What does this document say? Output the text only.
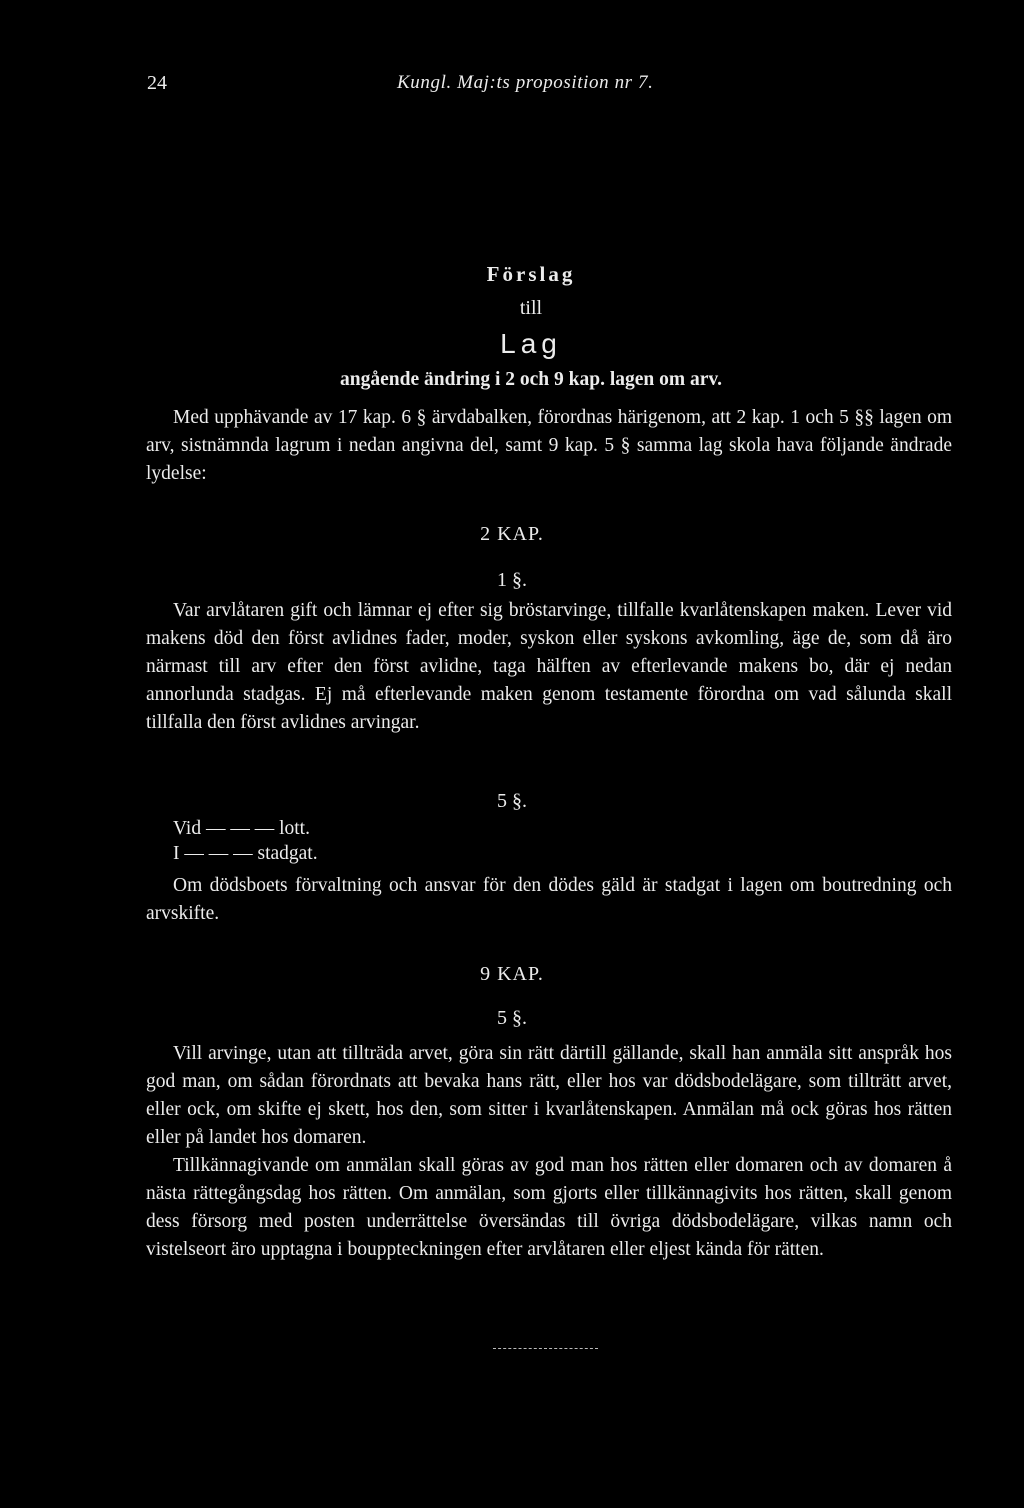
24	Kungl. Maj:ts proposition nr 7.
Förslag
till
Lag
angående ändring i 2 och 9 kap. lagen om arv.

Med upphävande av 17 kap. 6 § ärvdabalken, förordnas härigenom, att 2 kap. 1 och 5 §§ lagen om arv, sistnämnda lagrum i nedan angivna del, samt 9 kap. 5 § samma lag skola hava följande ändrade lydelse:

2 KAP.
1 §.

Var arvlåtaren gift och lämnar ej efter sig bröstarvinge, tillfalle kvarlåtenskapen maken. Lever vid makens död den först avlidnes fader, moder, syskon eller syskons avkomling, äge de, som då äro närmast till arv efter den först avlidne, taga hälften av efterlevande makens bo, där ej nedan annorlunda stadgas. Ej må efterlevande maken genom testamente förordna om vad sålunda skall tillfalla den först avlidnes arvingar.

5 §.
Vid — — — lott.
I — — — stadgat.

Om dödsboets förvaltning och ansvar för den dödes gäld är stadgat i lagen om boutredning och arvskifte.

9 KAP.
5 §.

Vill arvinge, utan att tillträda arvet, göra sin rätt därtill gällande, skall han anmäla sitt anspråk hos god man, om sådan förordnats att bevaka hans rätt, eller hos var dödsbodelägare, som tillträtt arvet, eller ock, om skifte ej skett, hos den, som sitter i kvarlåtenskapen. Anmälan må ock göras hos rätten eller på landet hos domaren.

Tillkännagivande om anmälan skall göras av god man hos rätten eller domaren och av domaren å nästa rättegångsdag hos rätten. Om anmälan, som gjorts eller tillkännagivits hos rätten, skall genom dess försorg med posten underrättelse översändas till övriga dödsbodelägare, vilkas namn och vistelseort äro upptagna i bouppteckningen efter arvlåtaren eller eljest kända för rätten.
